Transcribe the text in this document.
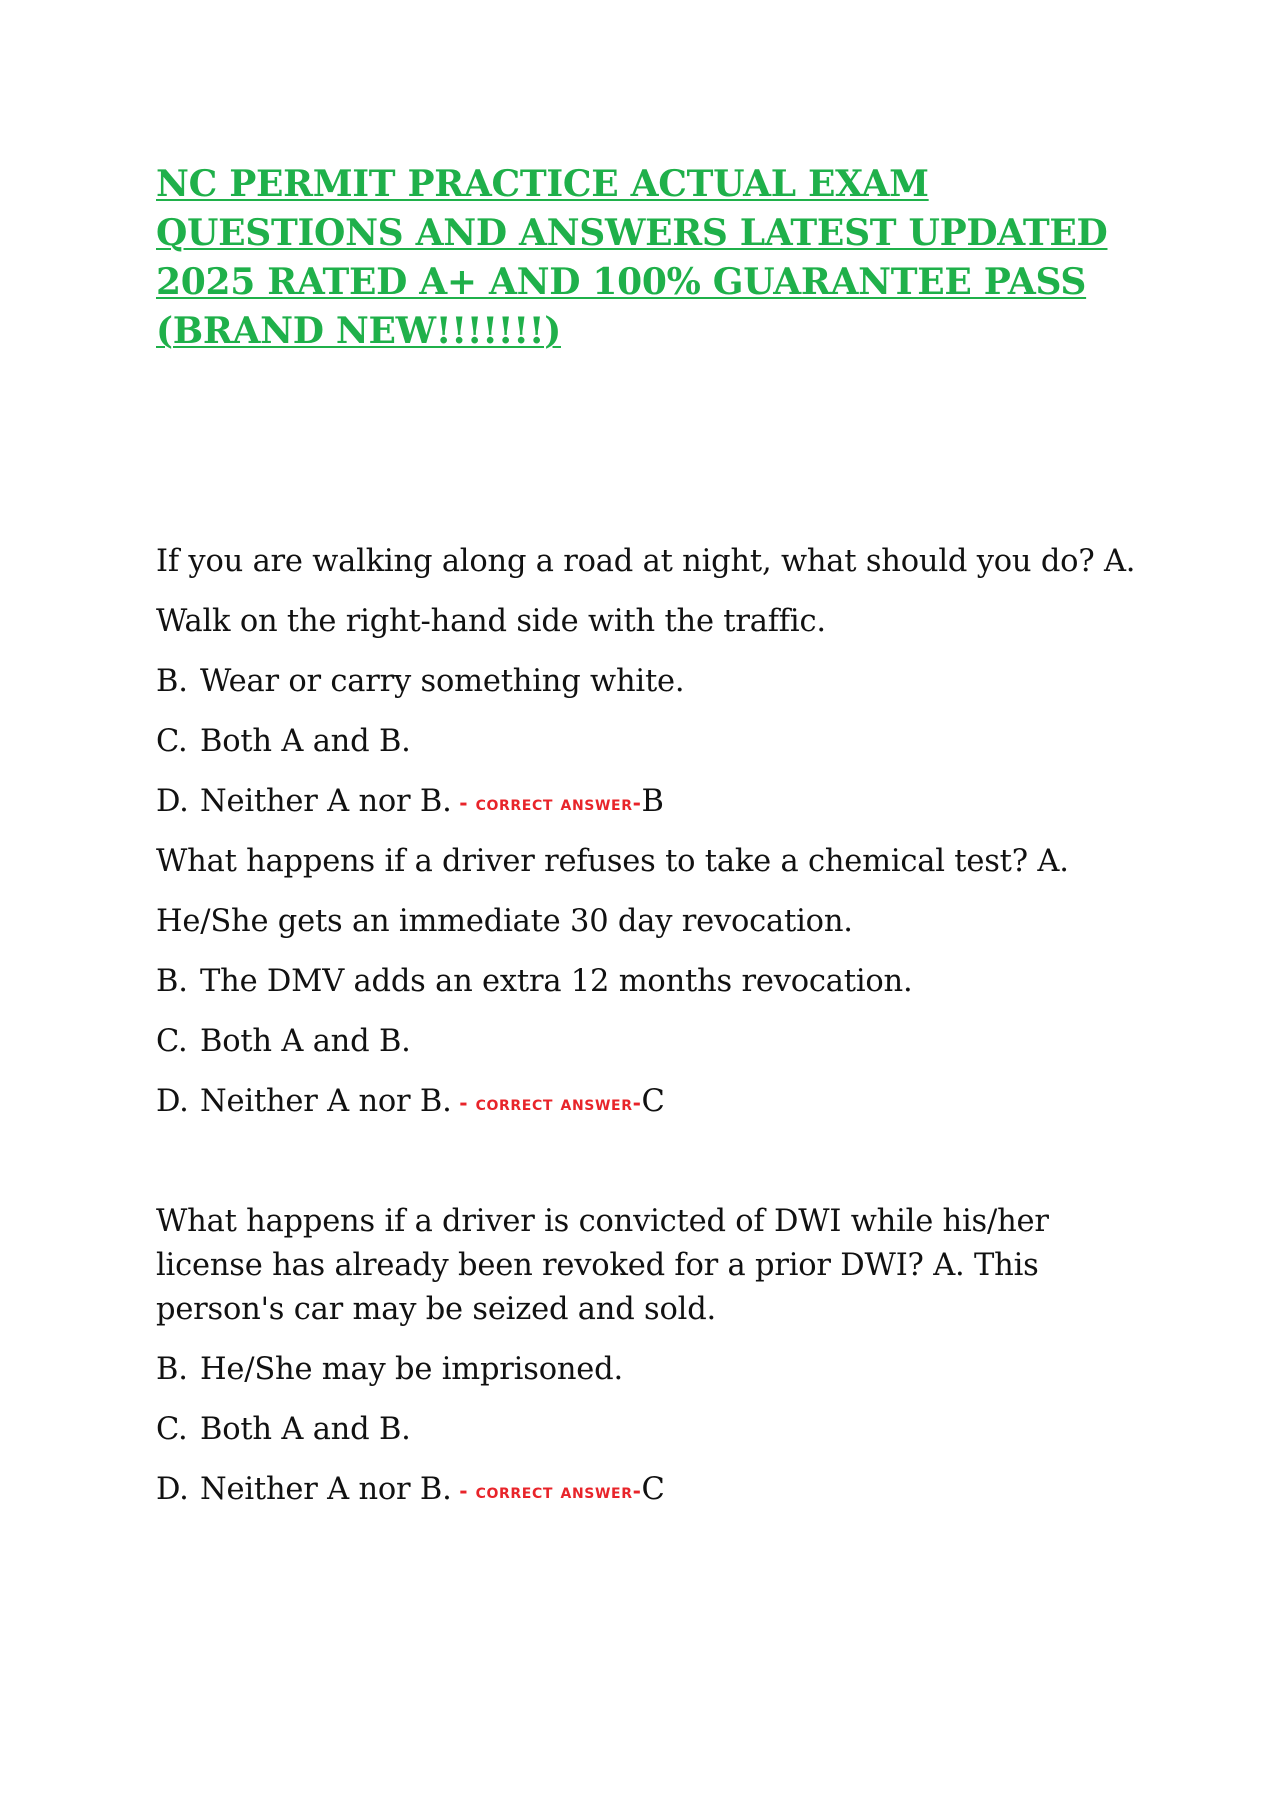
NC PERMIT PRACTICE ACTUAL EXAM QUESTIONS AND ANSWERS LATEST UPDATED 2025 RATED A+ AND 100% GUARANTEE PASS (BRAND NEW!!!!!!!)
If you are walking along a road at night, what should you do? A.
Walk on the right-hand side with the traffic.
B. Wear or carry something white.
C. Both A and B.
D. Neither A nor B. - correct answer-B
What happens if a driver refuses to take a chemical test? A.
He/She gets an immediate 30 day revocation.
B. The DMV adds an extra 12 months revocation.
C. Both A and B.
D. Neither A nor B. - correct answer-C
What happens if a driver is convicted of DWI while his/her license has already been revoked for a prior DWI? A. This person's car may be seized and sold.
B. He/She may be imprisoned.
C. Both A and B.
D. Neither A nor B. - correct answer-C
